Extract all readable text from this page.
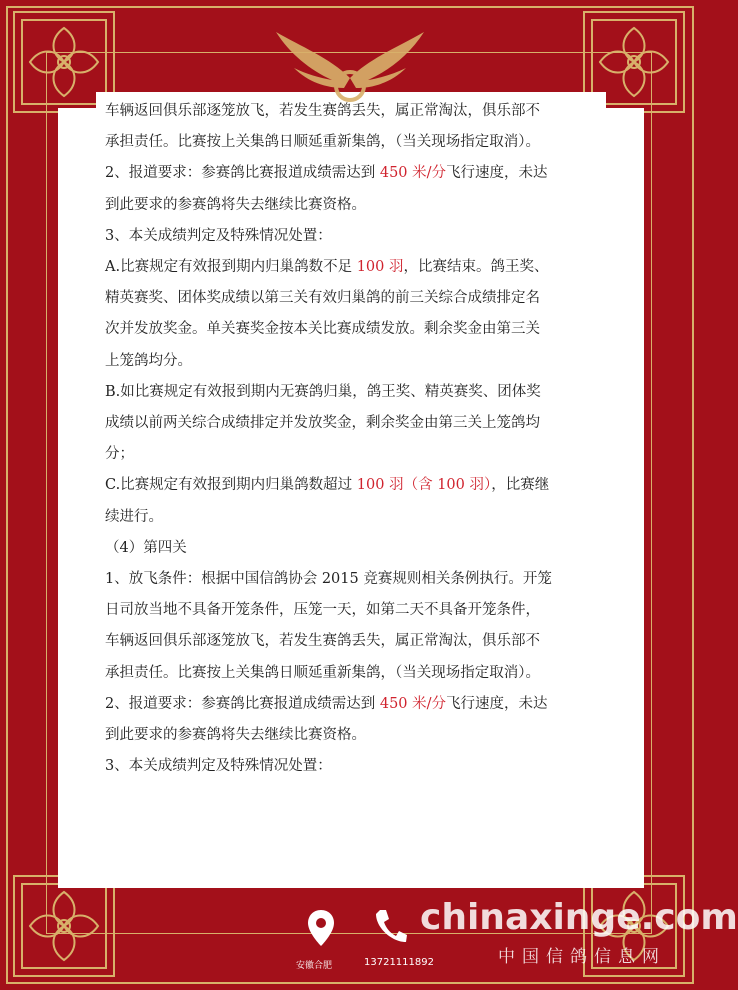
车辆返回俱乐部逐笼放飞，若发生赛鸽丢失，属正常淘汰，俱乐部不

承担责任。比赛按上关集鸽日顺延重新集鸽，（当关现场指定取消）。

2、报道要求：参赛鸽比赛报道成绩需达到 450 米/分飞行速度，未达

到此要求的参赛鸽将失去继续比赛资格。

3、本关成绩判定及特殊情况处置：

A.比赛规定有效报到期内归巢鸽数不足 100 羽，比赛结束。鸽王奖、

精英赛奖、团体奖成绩以第三关有效归巢鸽的前三关综合成绩排定名

次并发放奖金。单关赛奖金按本关比赛成绩发放。剩余奖金由第三关

上笼鸽均分。

B.如比赛规定有效报到期内无赛鸽归巢，鸽王奖、精英赛奖、团体奖

成绩以前两关综合成绩排定并发放奖金，剩余奖金由第三关上笼鸽均

分；

C.比赛规定有效报到期内归巢鸽数超过 100 羽（含 100 羽），比赛继

续进行。

（4）第四关

1、放飞条件：根据中国信鸽协会 2015 竞赛规则相关条例执行。开笼

日司放当地不具备开笼条件，压笼一天，如第二天不具备开笼条件，

车辆返回俱乐部逐笼放飞，若发生赛鸽丢失，属正常淘汰，俱乐部不

承担责任。比赛按上关集鸽日顺延重新集鸽，（当关现场指定取消）。

2、报道要求：参赛鸽比赛报道成绩需达到 450 米/分飞行速度，未达

到此要求的参赛鸽将失去继续比赛资格。

3、本关成绩判定及特殊情况处置：

安徽合肥	13721111892
chinaxinge.com
中国信鸽信息网
